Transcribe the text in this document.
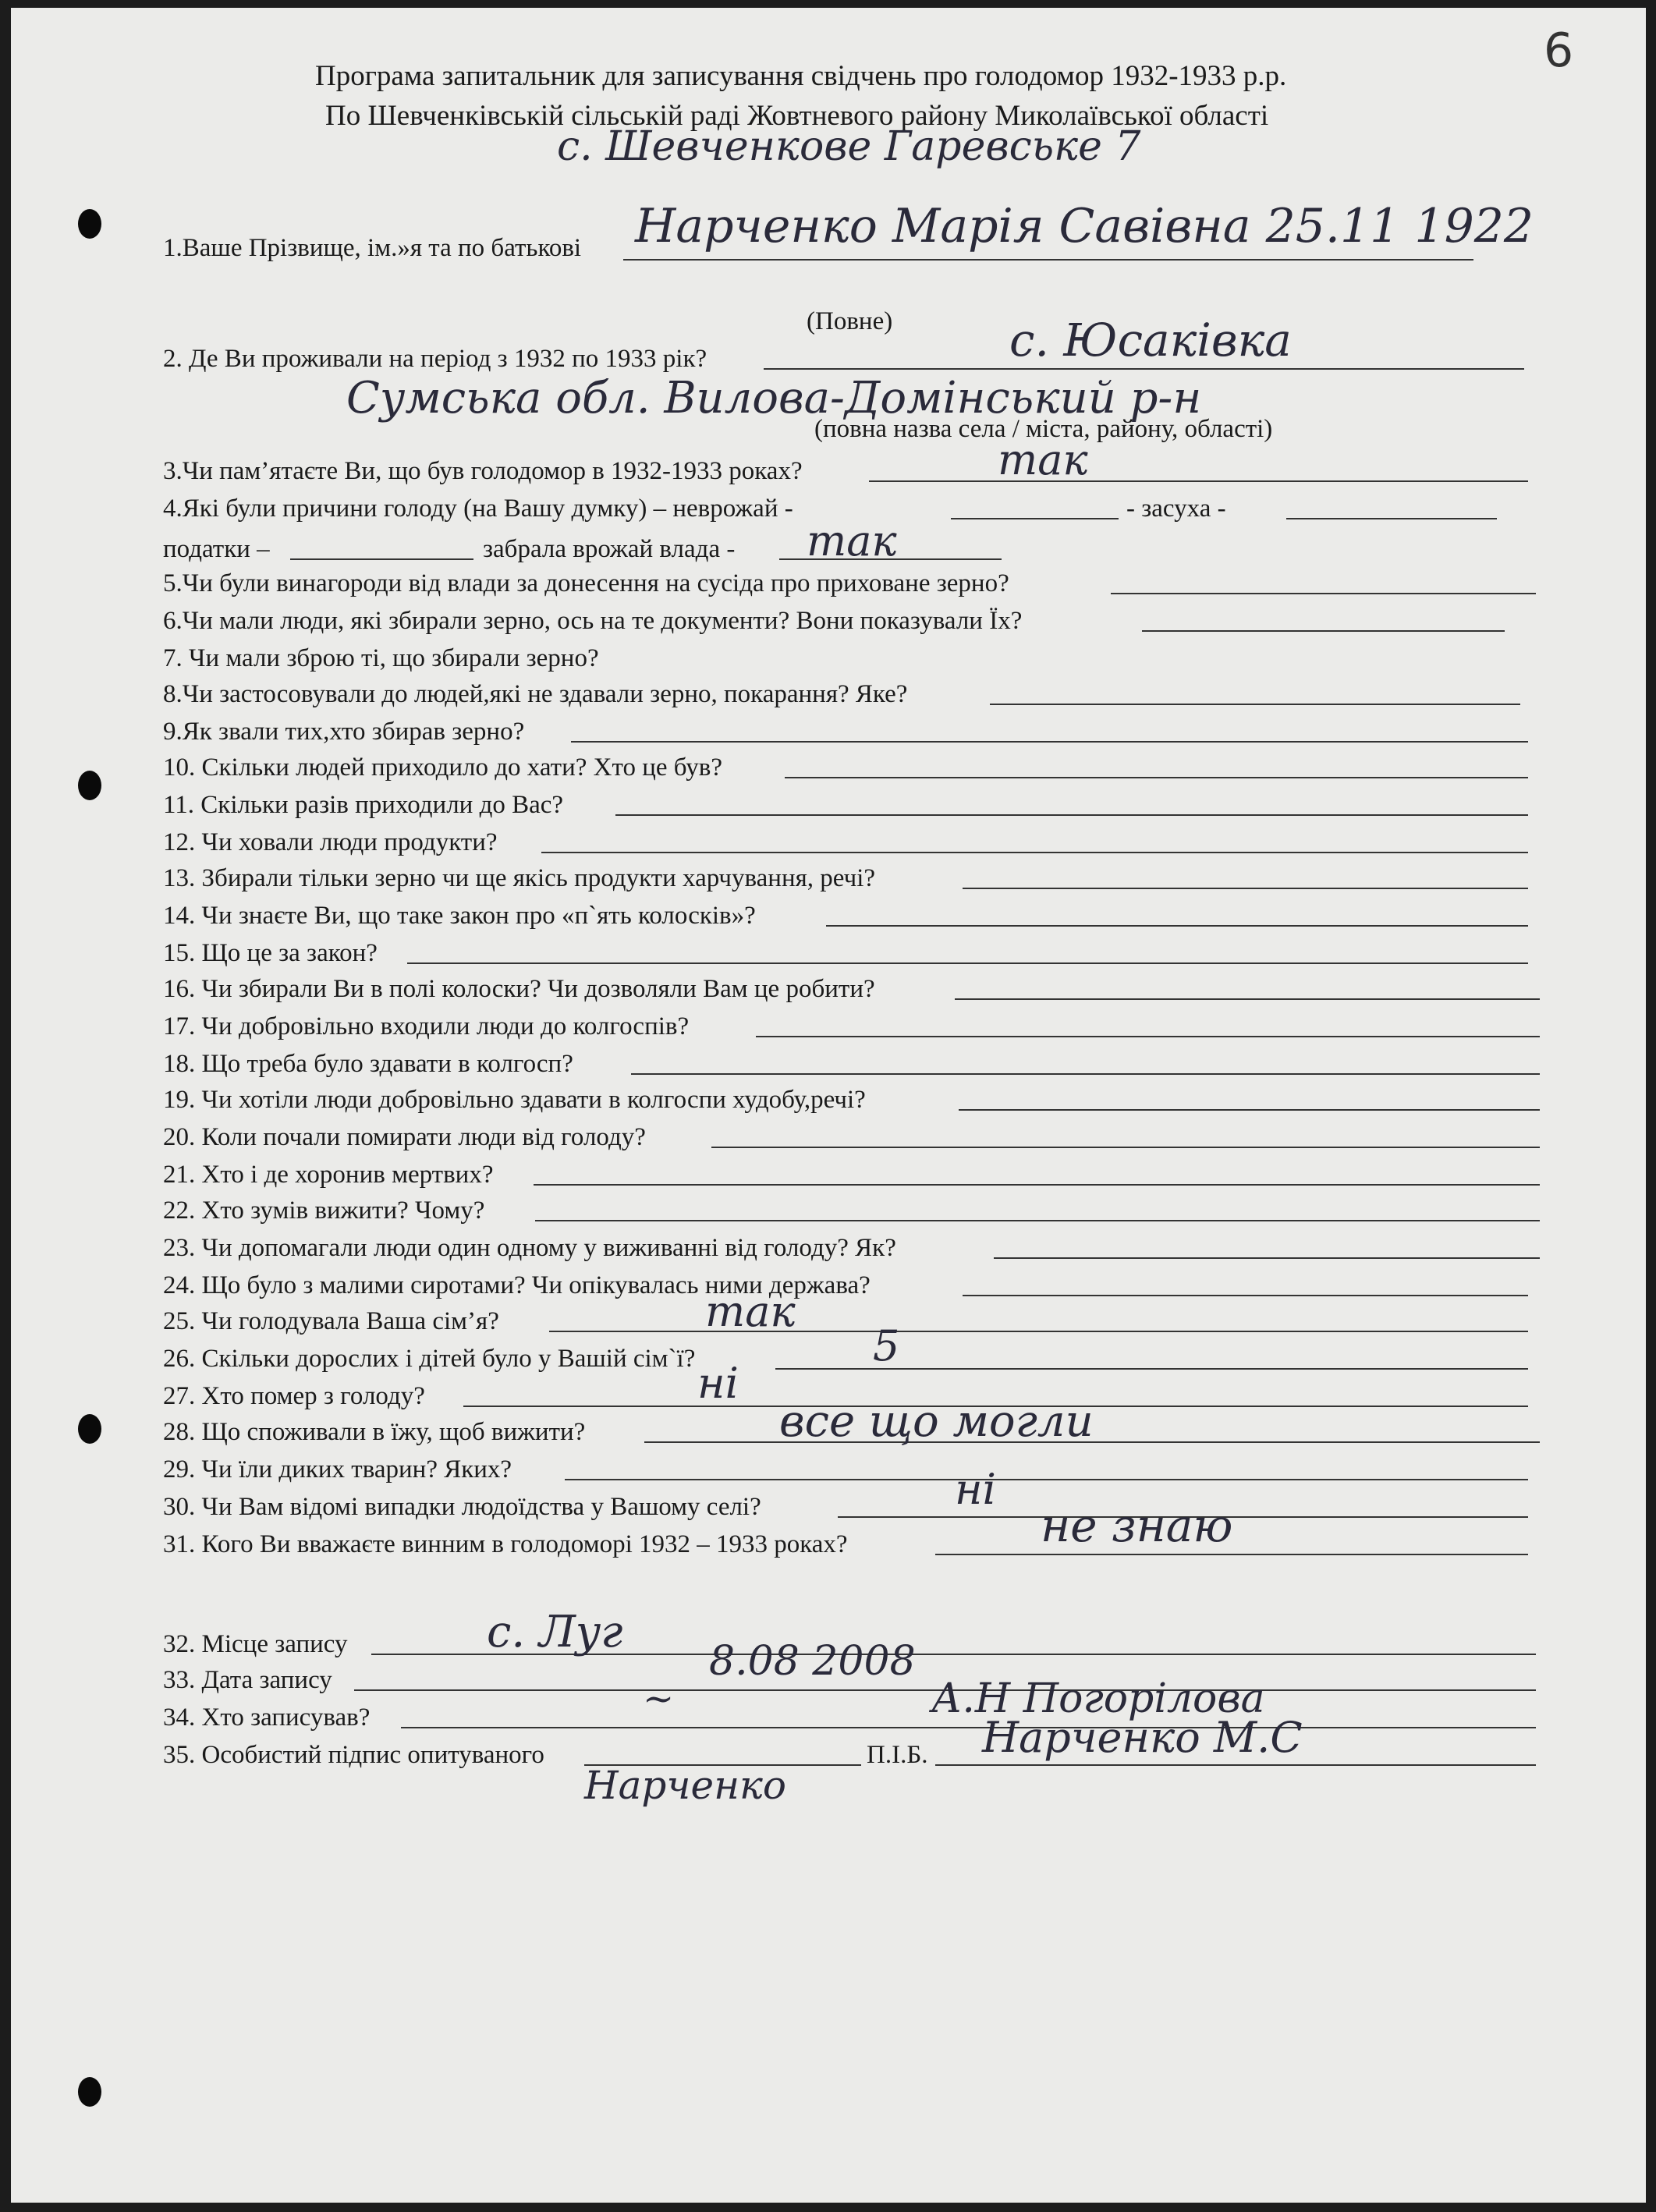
6
Програма запитальник для записування свідчень про голодомор 1932-1933 р.р.
По Шевченківській сільській раді Жовтневого району Миколаївської області
с. Шевченкове Гаревське 7
1.Ваше Прізвище, ім.»я та по батькові Нарченко Марія Савівна 25.11 1922
(Повне)
2. Де Ви проживали на період з 1932 по 1933 рік?	с. Юсаківка
Сумська обл. Вилова-Домінський р-н
(повна назва села / міста, району, області)
3.Чи пам’ятаєте Ви, що був голодомор в 1932-1933 роках?	так
4.Які були причини голоду (на Вашу думку) – неврожай -	- засуха -
податки –	забрала врожай влада - так
5.Чи були винагороди від влади за донесення на сусіда про приховане зерно?
6.Чи мали люди, які збирали зерно, ось на те документи? Вони показували Їх?
7. Чи мали зброю ті, що збирали зерно?
8.Чи застосовували до людей,які не здавали зерно, покарання? Яке?
9.Як звали тих,хто збирав зерно?
10. Скільки людей приходило до хати? Хто це був?
11. Скільки разів приходили до Вас?
12. Чи ховали люди продукти?
13. Збирали тільки зерно чи ще якісь продукти харчування, речі?
14. Чи знаєте Ви, що таке закон про «п`ять колосків»?
15. Що це за закон?
16. Чи збирали Ви в полі колоски? Чи дозволяли Вам це робити?
17. Чи добровільно входили люди до колгоспів?
18. Що треба було здавати в колгосп?
19. Чи хотіли люди добровільно здавати в колгоспи худобу,речі?
20. Коли почали помирати люди від голоду?
21. Хто і де хоронив мертвих?
22. Хто зумів вижити? Чому?
23. Чи допомагали люди один одному у виживанні від голоду? Як?
24. Що було з малими сиротами? Чи опікувалась ними держава?
25. Чи голодувала Ваша сім’я?	так
26. Скільки дорослих і дітей було у Вашій сім`ї?	5
27. Хто помер з голоду?	ні
28. Що споживали в їжу, щоб вижити?	все що могли
29. Чи їли диких тварин? Яких?
30. Чи Вам відомі випадки людоїдства у Вашому селі?	ні
31. Кого Ви вважаєте винним в голодоморі 1932 – 1933 роках?	не знаю
32. Місце запису	с. Луг
33. Дата запису	8.08 2008
34. Хто записував?	А.Н Погорілова
~
35. Особистий підпис опитуваного	П.І.Б. Нарченко М.С
Нарченко
